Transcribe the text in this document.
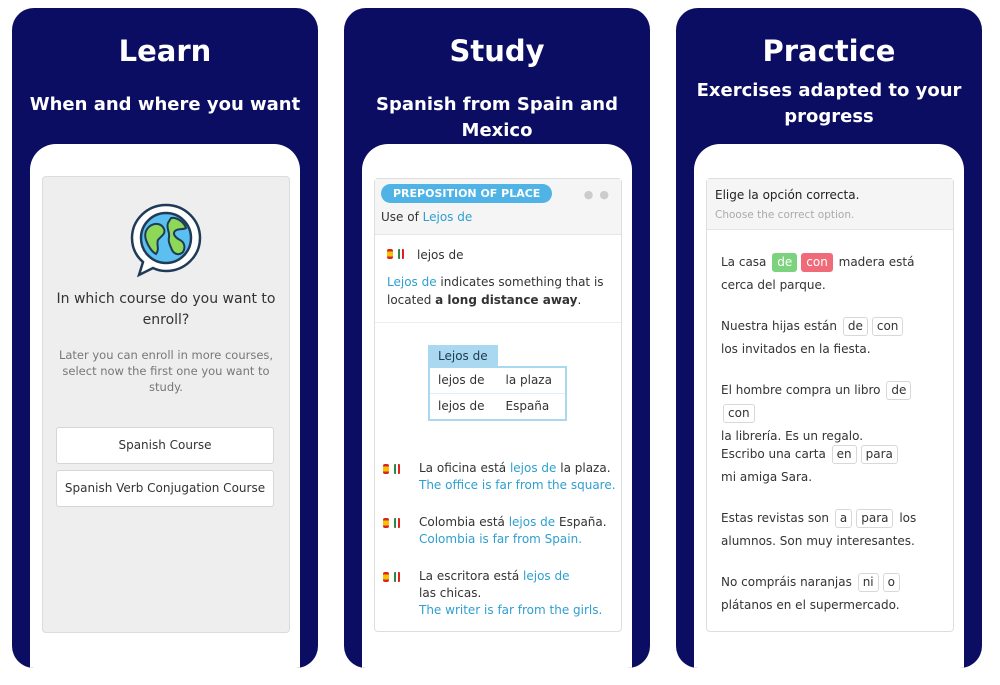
Learn
When and where you want
In which course do you want to enroll?
Later you can enroll in more courses, select now the first one you want to study.
Spanish Course
Spanish Verb Conjugation Course
Study
Spanish from Spain and Mexico
PREPOSITION OF PLACE	●●
Use of Lejos de
lejos de
Lejos de indicates something that is located a long distance away.
Lejos de
lejos de	la plaza
lejos de	España
La oficina está lejos de la plaza.
The office is far from the square.
Colombia está lejos de España.
Colombia is far from Spain.
La escritora está lejos de
las chicas.
The writer is far from the girls.
Practice
Exercises adapted to your progress
Elige la opción correcta.
Choose the correct option.
La casa de con madera está
cerca del parque.
Nuestra hijas están de con
los invitados en la fiesta.
El hombre compra un libro decon
la librería. Es un regalo.
Escribo una carta en para
mi amiga Sara.
Estas revistas son a para los
alumnos. Son muy interesantes.
No compráis naranjas ni o
plátanos en el supermercado.
